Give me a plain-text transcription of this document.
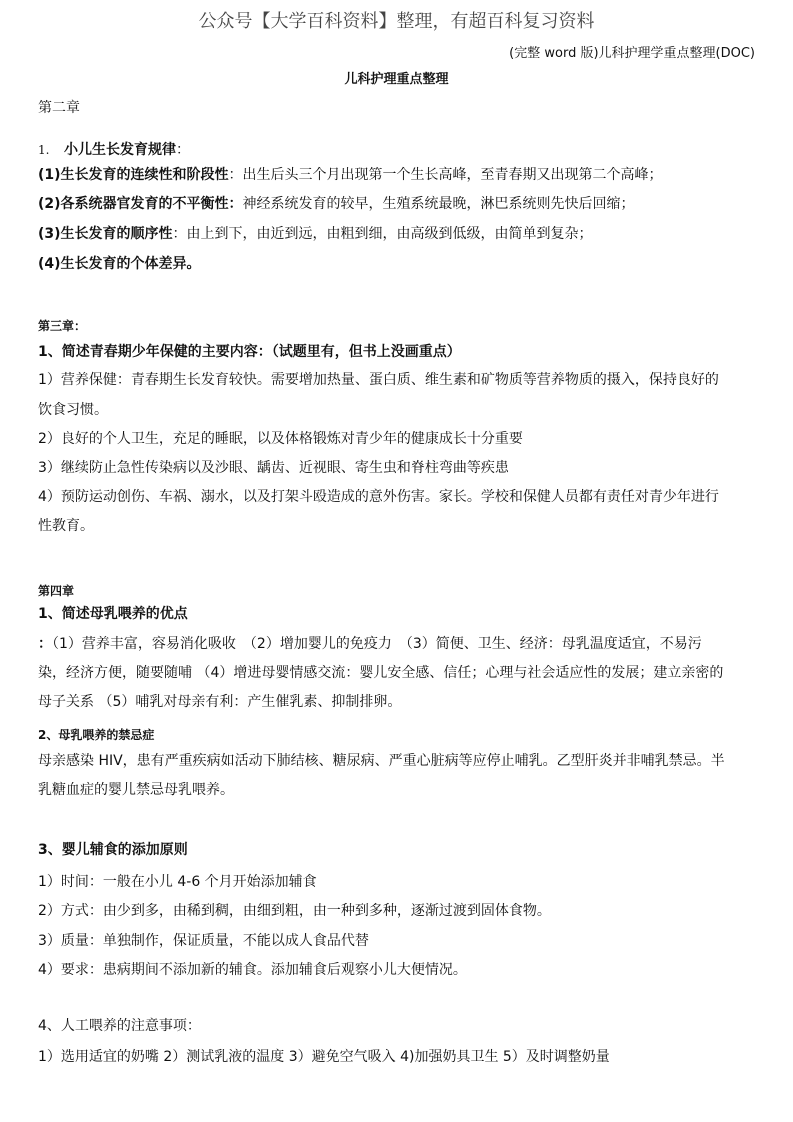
公众号【大学百科资料】整理，有超百科复习资料
(完整 word 版)儿科护理学重点整理(DOC)
儿科护理重点整理
第二章
1. 小儿生长发育规律：
(1)生长发育的连续性和阶段性：出生后头三个月出现第一个生长高峰，至青春期又出现第二个高峰；
(2)各系统器官发育的不平衡性：神经系统发育的较早，生殖系统最晚，淋巴系统则先快后回缩；
(3)生长发育的顺序性：由上到下，由近到远，由粗到细，由高级到低级，由简单到复杂；
(4)生长发育的个体差异。
第三章：
1、简述青春期少年保健的主要内容：（试题里有，但书上没画重点）
1）营养保健：青春期生长发育较快。需要增加热量、蛋白质、维生素和矿物质等营养物质的摄入，保持良好的
饮食习惯。
2）良好的个人卫生，充足的睡眠，以及体格锻炼对青少年的健康成长十分重要
3）继续防止急性传染病以及沙眼、龋齿、近视眼、寄生虫和脊柱弯曲等疾患
4）预防运动创伤、车祸、溺水，以及打架斗殴造成的意外伤害。家长。学校和保健人员都有责任对青少年进行
性教育。
第四章
1、简述母乳喂养的优点
：（1）营养丰富，容易消化吸收　（2）增加婴儿的免疫力　（3）简便、卫生、经济：母乳温度适宜，不易污
染，经济方便，随要随哺 （4）增进母婴情感交流：婴儿安全感、信任；心理与社会适应性的发展；建立亲密的
母子关系 （5）哺乳对母亲有利：产生催乳素、抑制排卵。
2、母乳喂养的禁忌症
母亲感染 HIV，患有严重疾病如活动下肺结核、糖尿病、严重心脏病等应停止哺乳。乙型肝炎并非哺乳禁忌。半
乳糖血症的婴儿禁忌母乳喂养。
3、婴儿辅食的添加原则
1）时间：一般在小儿 4-6 个月开始添加辅食
2）方式：由少到多，由稀到稠，由细到粗，由一种到多种，逐渐过渡到固体食物。
3）质量：单独制作，保证质量，不能以成人食品代替
4）要求：患病期间不添加新的辅食。添加辅食后观察小儿大便情况。
4、人工喂养的注意事项：
1）选用适宜的奶嘴 2）测试乳液的温度 3）避免空气吸入 4)加强奶具卫生 5）及时调整奶量
